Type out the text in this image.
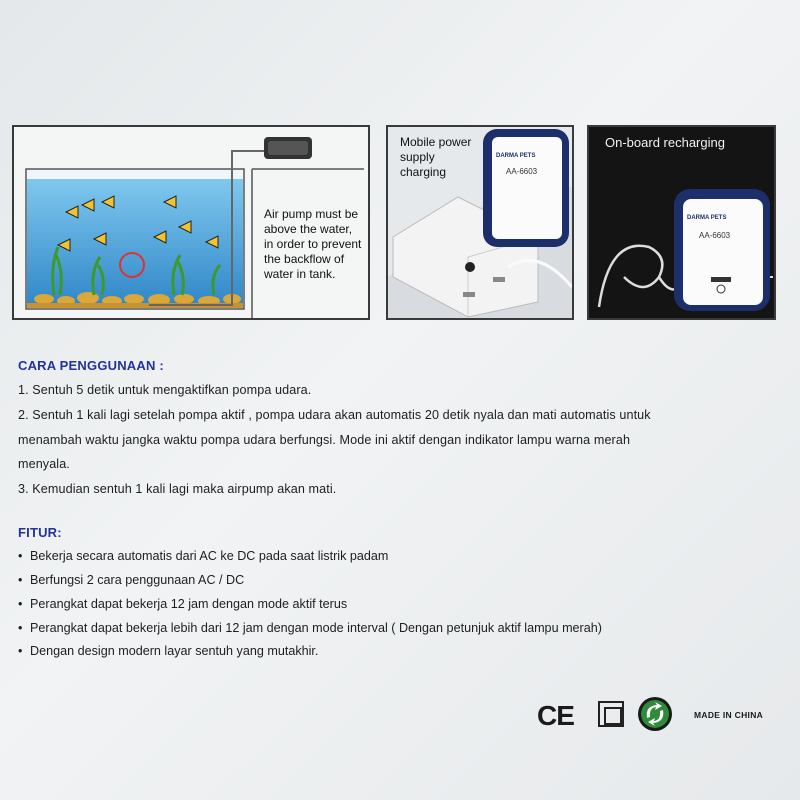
Air pump must be above the water, in order to prevent the backflow of water in tank.
DARMA PETS
AA-6603
Mobile power supply charging
DARMA PETS
AA-6603
On-board recharging
CARA PENGGUNAAN :
1. Sentuh 5 detik untuk mengaktifkan pompa udara.
2. Sentuh 1 kali lagi setelah pompa aktif , pompa udara akan automatis 20 detik nyala dan mati automatis untuk
menambah waktu jangka waktu pompa udara berfungsi. Mode ini aktif dengan indikator lampu warna merah
menyala.
3. Kemudian sentuh 1 kali lagi maka airpump akan mati.
FITUR:
• Bekerja secara automatis dari AC ke DC pada saat listrik padam
• Berfungsi 2 cara penggunaan AC / DC
• Perangkat dapat bekerja 12 jam dengan mode aktif terus
• Perangkat dapat bekerja lebih dari 12 jam dengan mode interval ( Dengan petunjuk aktif lampu merah)
• Dengan design modern layar sentuh yang mutakhir.
CE	MADE IN CHINA
